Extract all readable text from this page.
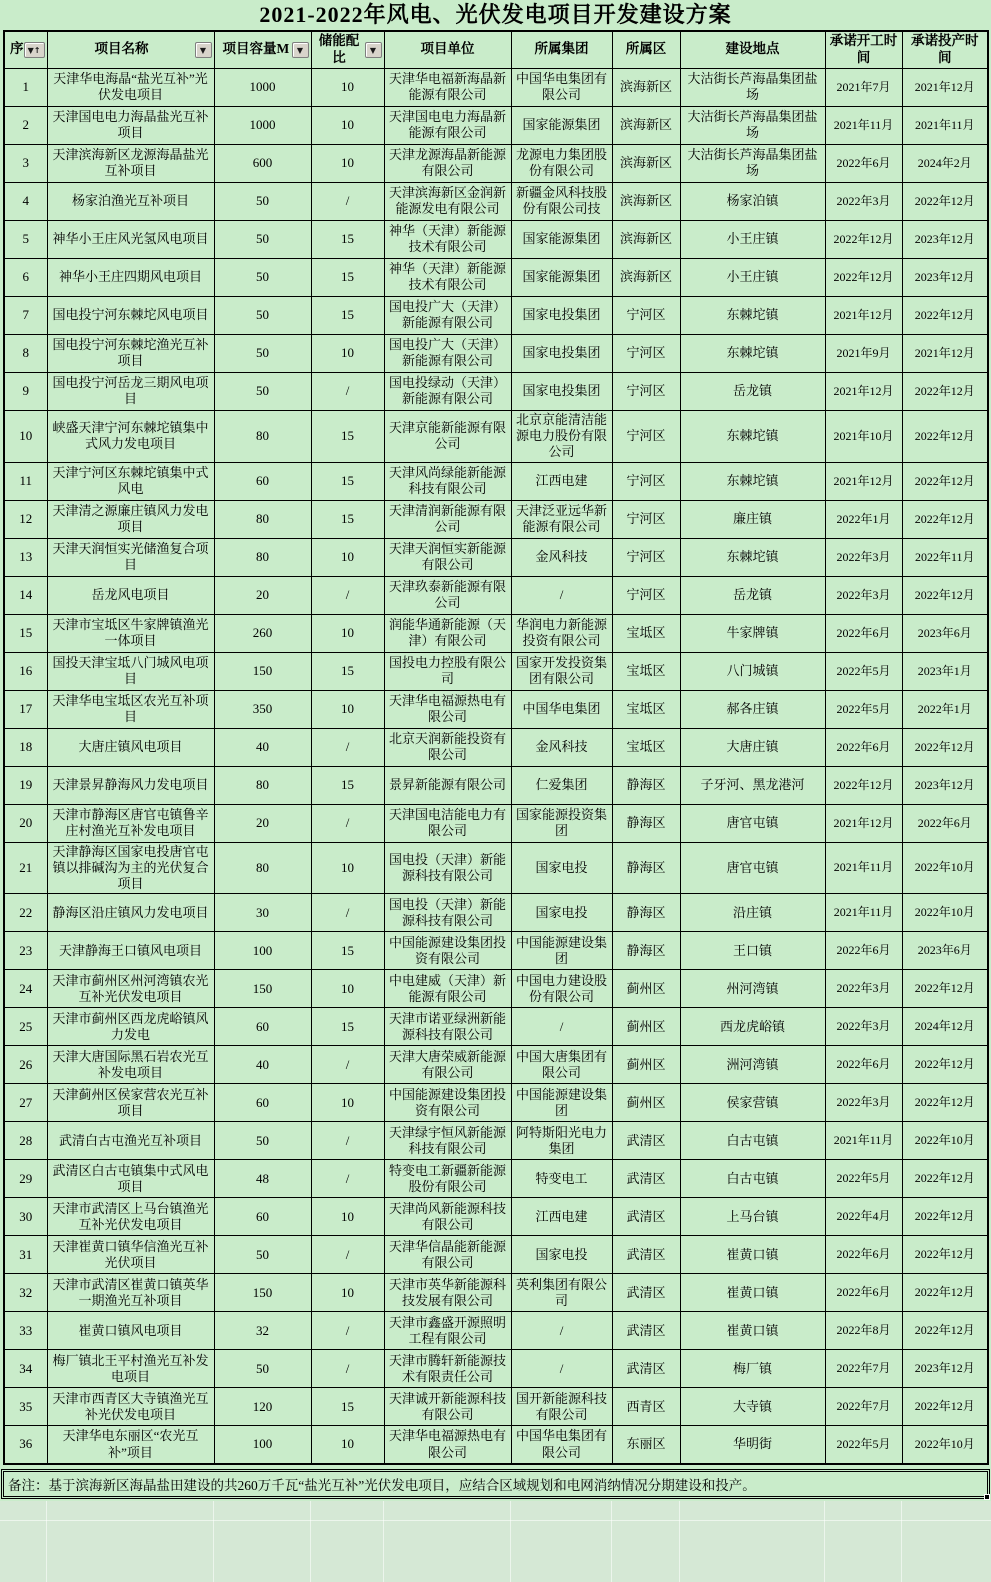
2021-2022年风电、光伏发电项目开发建设方案
序 ▼↑	项目名称 ▼	项目容量M ▼	储能配比 ▼	项目单位	所属集团	所属区	建设地点	承诺开工时间	承诺投产时间
1	天津华电海晶“盐光互补”光伏发电项目	1000	10	天津华电福新海晶新能源有限公司	中国华电集团有限公司	滨海新区	大沽街长芦海晶集团盐场	2021年7月	2021年12月
2	天津国电电力海晶盐光互补项目	1000	10	天津国电电力海晶新能源有限公司	国家能源集团	滨海新区	大沽街长芦海晶集团盐场	2021年11月	2021年11月
3	天津滨海新区龙源海晶盐光互补项目	600	10	天津龙源海晶新能源有限公司	龙源电力集团股份有限公司	滨海新区	大沽街长芦海晶集团盐场	2022年6月	2024年2月
4	杨家泊渔光互补项目	50	/	天津滨海新区金润新能源发电有限公司	新疆金风科技股份有限公司技	滨海新区	杨家泊镇	2022年3月	2022年12月
5	神华小王庄风光氢风电项目	50	15	神华（天津）新能源技术有限公司	国家能源集团	滨海新区	小王庄镇	2022年12月	2023年12月
6	神华小王庄四期风电项目	50	15	神华（天津）新能源技术有限公司	国家能源集团	滨海新区	小王庄镇	2022年12月	2023年12月
7	国电投宁河东棘坨风电项目	50	15	国电投广大（天津）新能源有限公司	国家电投集团	宁河区	东棘坨镇	2021年12月	2022年12月
8	国电投宁河东棘坨渔光互补项目	50	10	国电投广大（天津）新能源有限公司	国家电投集团	宁河区	东棘坨镇	2021年9月	2021年12月
9	国电投宁河岳龙三期风电项目	50	/	国电投绿动（天津）新能源有限公司	国家电投集团	宁河区	岳龙镇	2021年12月	2022年12月
10	峡盛天津宁河东棘坨镇集中式风力发电项目	80	15	天津京能新能源有限公司	北京京能清洁能源电力股份有限公司	宁河区	东棘坨镇	2021年10月	2022年12月
11	天津宁河区东棘坨镇集中式风电	60	15	天津风尚绿能新能源科技有限公司	江西电建	宁河区	东棘坨镇	2021年12月	2022年12月
12	天津清之源廉庄镇风力发电项目	80	15	天津清润新能源有限公司	天津泛亚远华新能源有限公司	宁河区	廉庄镇	2022年1月	2022年12月
13	天津天润恒实光储渔复合项目	80	10	天津天润恒实新能源有限公司	金风科技	宁河区	东棘坨镇	2022年3月	2022年11月
14	岳龙风电项目	20	/	天津玖泰新能源有限公司	/	宁河区	岳龙镇	2022年3月	2022年12月
15	天津市宝坻区牛家牌镇渔光一体项目	260	10	润能华通新能源（天津）有限公司	华润电力新能源投资有限公司	宝坻区	牛家牌镇	2022年6月	2023年6月
16	国投天津宝坻八门城风电项目	150	15	国投电力控股有限公司	国家开发投资集团有限公司	宝坻区	八门城镇	2022年5月	2023年1月
17	天津华电宝坻区农光互补项目	350	10	天津华电福源热电有限公司	中国华电集团	宝坻区	郝各庄镇	2022年5月	2022年1月
18	大唐庄镇风电项目	40	/	北京天润新能投资有限公司	金风科技	宝坻区	大唐庄镇	2022年6月	2022年12月
19	天津景昇静海风力发电项目	80	15	景昇新能源有限公司	仁爱集团	静海区	子牙河、黑龙港河	2022年12月	2023年12月
20	天津市静海区唐官屯镇鲁辛庄村渔光互补发电项目	20	/	天津国电洁能电力有限公司	国家能源投资集团	静海区	唐官屯镇	2021年12月	2022年6月
21	天津静海区国家电投唐官屯镇以排碱沟为主的光伏复合项目	80	10	国电投（天津）新能源科技有限公司	国家电投	静海区	唐官屯镇	2021年11月	2022年10月
22	静海区沿庄镇风力发电项目	30	/	国电投（天津）新能源科技有限公司	国家电投	静海区	沿庄镇	2021年11月	2022年10月
23	天津静海王口镇风电项目	100	15	中国能源建设集团投资有限公司	中国能源建设集团	静海区	王口镇	2022年6月	2023年6月
24	天津市蓟州区州河湾镇农光互补光伏发电项目	150	10	中电建威（天津）新能源有限公司	中国电力建设股份有限公司	蓟州区	州河湾镇	2022年3月	2022年12月
25	天津市蓟州区西龙虎峪镇风力发电	60	15	天津市诺亚绿洲新能源科技有限公司	/	蓟州区	西龙虎峪镇	2022年3月	2024年12月
26	天津大唐国际黑石岩农光互补发电项目	40	/	天津大唐荣威新能源有限公司	中国大唐集团有限公司	蓟州区	洲河湾镇	2022年6月	2022年12月
27	天津蓟州区侯家营农光互补项目	60	10	中国能源建设集团投资有限公司	中国能源建设集团	蓟州区	侯家营镇	2022年3月	2022年12月
28	武清白古屯渔光互补项目	50	/	天津绿宇恒风新能源科技有限公司	阿特斯阳光电力集团	武清区	白古屯镇	2021年11月	2022年10月
29	武清区白古屯镇集中式风电项目	48	/	特变电工新疆新能源股份有限公司	特变电工	武清区	白古屯镇	2022年5月	2022年12月
30	天津市武清区上马台镇渔光互补光伏发电项目	60	10	天津尚风新能源科技有限公司	江西电建	武清区	上马台镇	2022年4月	2022年12月
31	天津崔黄口镇华信渔光互补光伏项目	50	/	天津华信晶能新能源有限公司	国家电投	武清区	崔黄口镇	2022年6月	2022年12月
32	天津市武清区崔黄口镇英华一期渔光互补项目	150	10	天津市英华新能源科技发展有限公司	英利集团有限公司	武清区	崔黄口镇	2022年6月	2022年12月
33	崔黄口镇风电项目	32	/	天津市鑫盛开源照明工程有限公司	/	武清区	崔黄口镇	2022年8月	2022年12月
34	梅厂镇北王平村渔光互补发电项目	50	/	天津市腾轩新能源技术有限责任公司	/	武清区	梅厂镇	2022年7月	2023年12月
35	天津市西青区大寺镇渔光互补光伏发电项目	120	15	天津诚开新能源科技有限公司	国开新能源科技有限公司	西青区	大寺镇	2022年7月	2022年12月
36	天津华电东丽区“农光互补”项目	100	10	天津华电福源热电有限公司	中国华电集团有限公司	东丽区	华明街	2022年5月	2022年10月
备注：基于滨海新区海晶盐田建设的共260万千瓦“盐光互补”光伏发电项目，应结合区域规划和电网消纳情况分期建设和投产。
